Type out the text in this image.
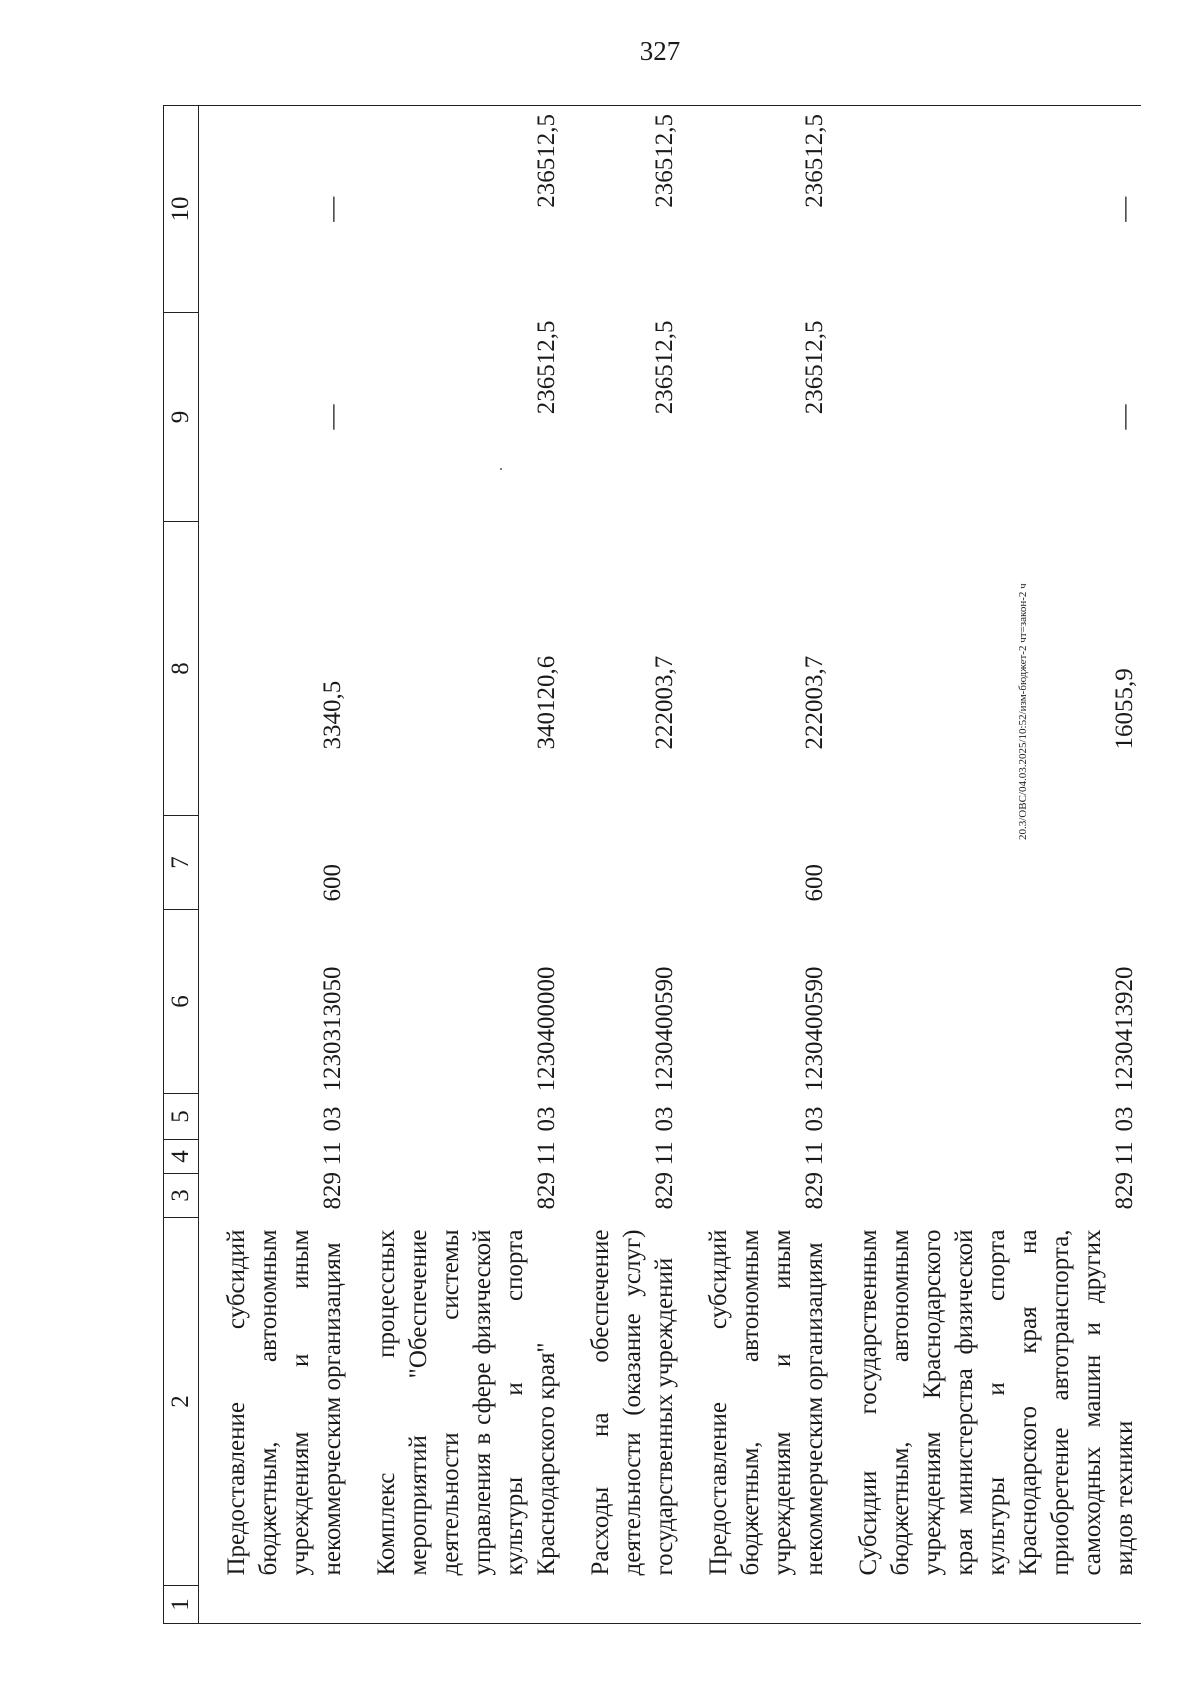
327
20.3/ОВС/04.03.2025/10:52/изм-бюджет-2 чт=закон-2 ч
1	2	3	4	5	6	7	8	9	10

	Предоставление субсидий бюджетным, автономным учреждениям и иным некоммерческим организациям	829	11	03	1230313050	600	3340,5	—	—

	Комплекс процессных мероприятий "Обеспечение деятельности системы управления в сфере физической культуры и спорта Краснодарского края"	829	11	03	1230400000		340120,6	236512,5	236512,5

	Расходы на обеспечение деятельности (оказание услуг) государственных учреждений	829	11	03	1230400590		222003,7	236512,5	236512,5

	Предоставление субсидий бюджетным, автономным учреждениям и иным некоммерческим организациям	829	11	03	1230400590	600	222003,7	236512,5	236512,5

	Субсидии государственным бюджетным, автономным учреждениям Краснодарского края министерства физической культуры и спорта Краснодарского края на приобретение автотранспорта, самоходных машин и других видов техники	829	11	03	1230413920		16055,9	—	—
